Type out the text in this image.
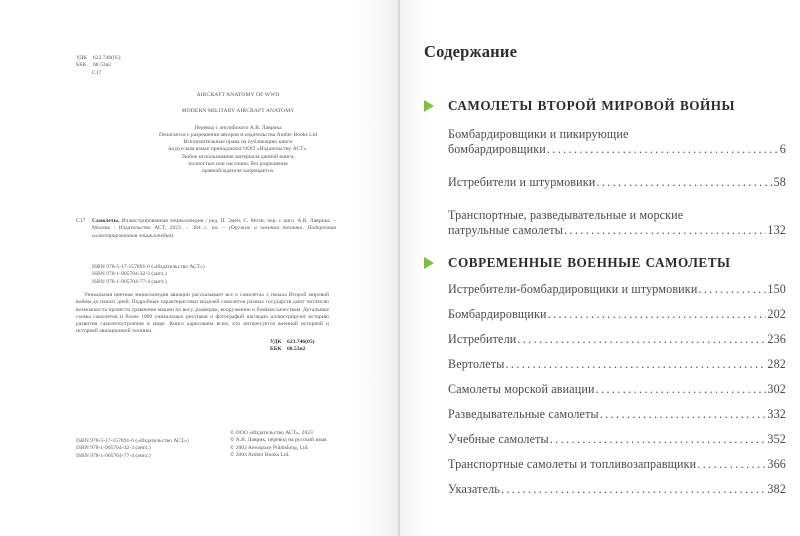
УДК	623.746(05)
ББК	68.53я2
С17
AIRCRAFT ANATOMY OF WWII
MODERN MILITARY AIRCRAFT ANATOMY
Перевод с английского А.В. Лаврика
Печатается с разрешения авторов и издательства Amber Books Ltd
Исключительные права на публикацию книги
на русском языке принадлежат ООО «Издательству АСТ».
Любое использование материала данной книги,
полностью или частично, без разрешения
правообладателя запрещается.
С17 Самолеты. Иллюстрированная энциклопедия / ред. П. Эден, С. Моэн; пер. с англ. А.В. Лаврика. – Москва : Издательство АСТ, 2023. – 384 с. ил. – (Оружие и военная техника. Подарочная иллюстрированная энциклопедия).
ISBN 978-5-17-157891-6 («Издательство АСТ»)
ISBN 978-1-905704-32-3 (англ.)
ISBN 978-1-905704-77-4 (англ.)
Уникальная цветная энциклопедия авиации рассказывает все о самолетах с начала Второй мировой войны до наших дней. Подробные характеристики моделей самолетов разных государств дают читателю возможность провести сравнение машин по весу, размерам, вооружению и боевым качествам. Детальные схемы самолетов и более 1000 уникальных рисунков и фотографий наглядно иллюстрируют историю развития самолетостроения в мире. Книга адресована всем, кто интересуется военной историей и историей авиационной техники.
УДК 623.746(05)
ББК 68.53я2
ISBN 978-5-17-157891-6 («Издательство АСТ»)
ISBN 978-1-905704-32-3 (англ.)
ISBN 978-1-905704-77-4 (англ.)
© ООО «Издательство АСТ», 2023
© А.В. Лаврик, перевод на русский язык
© 2003 Aerospace Publishing, Ltd.
© 2003 Amber Books Ltd.
Содержание
САМОЛЕТЫ ВТОРОЙ МИРОВОЙ ВОЙНЫ
Бомбардировщики и пикирующие
бомбардировщики .....	6
Истребители и штурмовики .....	58
Транспортные, разведывательные и морские
патрульные самолеты .....	132
СОВРЕМЕННЫЕ ВОЕННЫЕ САМОЛЕТЫ
Истребители-бомбардировщики и штурмовики .....	150
Бомбардировщики .....	202
Истребители .....	236
Вертолеты .....	282
Самолеты морской авиации .....	302
Разведывательные самолеты .....	332
Учебные самолеты .....	352
Транспортные самолеты и топливозаправщики .....	366
Указатель .....	382
